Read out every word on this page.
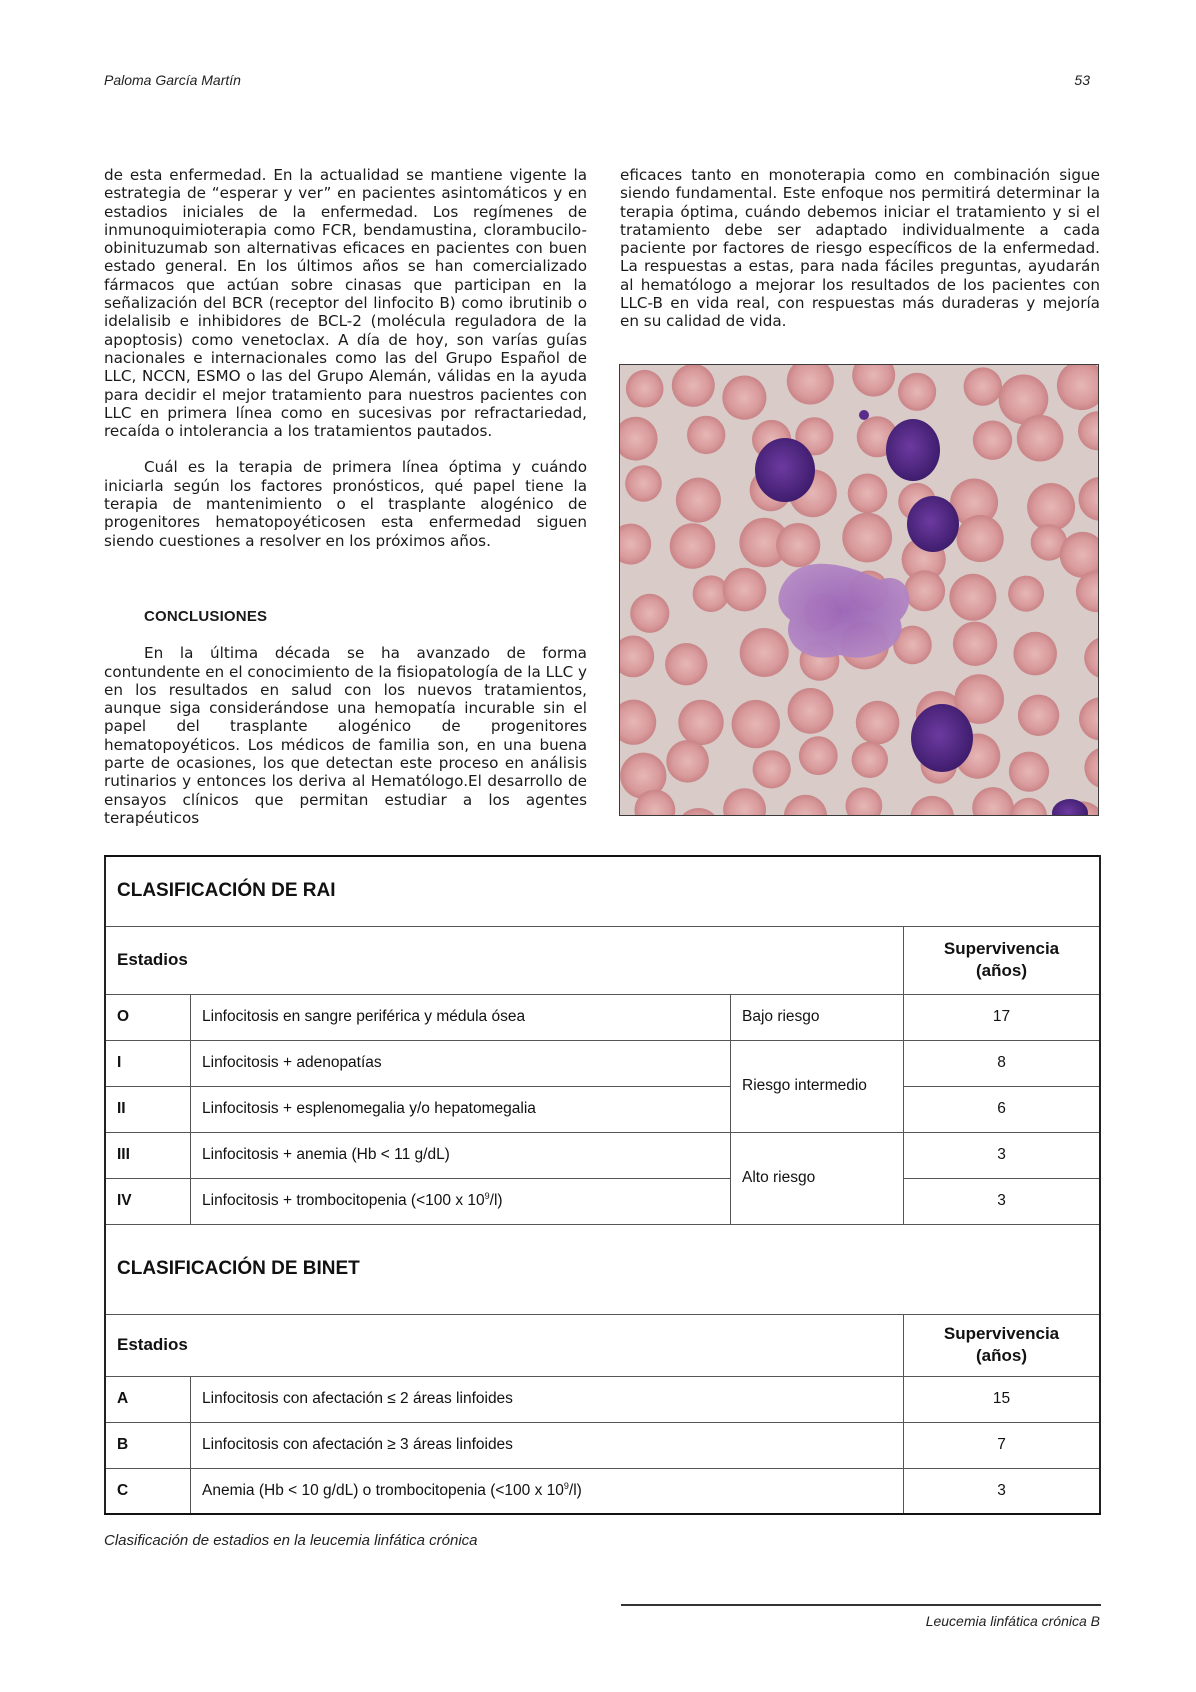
Paloma García Martín	53

de esta enfermedad. En la actualidad se mantiene vigente la estrategia de “esperar y ver” en pacientes asintomáticos y en estadios iniciales de la enfermedad. Los regímenes de inmunoquimioterapia como FCR, bendamustina, clorambucilo-obinituzumab son alternativas eficaces en pacientes con buen estado general. En los últimos años se han comercializado fármacos que actúan sobre cinasas que participan en la señalización del BCR (receptor del linfocito B) como ibrutinib o idelalisib e inhibidores de BCL-2 (molécula reguladora de la apoptosis) como venetoclax. A día de hoy, son varías guías nacionales e internacionales como las del Grupo Español de LLC, NCCN, ESMO o las del Grupo Alemán, válidas en la ayuda para decidir el mejor tratamiento para nuestros pacientes con LLC en primera línea como en sucesivas por refractariedad, recaída o intolerancia a los tratamientos pautados.

Cuál es la terapia de primera línea óptima y cuándo iniciarla según los factores pronósticos, qué papel tiene la terapia de mantenimiento o el trasplante alogénico de progenitores hematopoyéticosen esta enfermedad siguen siendo cuestiones a resolver en los próximos años.

CONCLUSIONES

En la última década se ha avanzado de forma contundente en el conocimiento de la fisiopatología de la LLC y en los resultados en salud con los nuevos tratamientos, aunque siga considerándose una hemopatía incurable sin el papel del trasplante alogénico de progenitores hematopoyéticos. Los médicos de familia son, en una buena parte de ocasiones, los que detectan este proceso en análisis rutinarios y entonces los deriva al Hematólogo.El desarrollo de ensayos clínicos que permitan estudiar a los agentes terapéuticos

eficaces tanto en monoterapia como en combinación sigue siendo fundamental. Este enfoque nos permitirá determinar la terapia óptima, cuándo debemos iniciar el tratamiento y si el tratamiento debe ser adaptado individualmente a cada paciente por factores de riesgo específicos de la enfermedad. La respuestas a estas, para nada fáciles preguntas, ayudarán al hematólogo a mejorar los resultados de los pacientes con LLC-B en vida real, con respuestas más duraderas y mejoría en su calidad de vida.

CLASIFICACIÓN DE RAI			
Estadios			Supervivencia
(años)
O	Linfocitosis en sangre periférica y médula ósea	Bajo riesgo	17
I	Linfocitosis + adenopatías	Riesgo intermedio	8
II	Linfocitosis + esplenomegalia y/o hepatomegalia		6
III	Linfocitosis + anemia (Hb < 11 g/dL)	Alto riesgo	3
IV	Linfocitosis + trombocitopenia (<100 x $10^9/l$)		3
CLASIFICACIÓN DE BINET			
Estadios			Supervivencia
(años)
A	Linfocitosis con afectación ≤ 2 áreas linfoides		15
B	Linfocitosis con afectación ≥ 3 áreas linfoides		7
C	Anemia (Hb < 10 g/dL) o trombocitopenia (<100 x $10^9/l$)		3
Clasificación de estadios en la leucemia linfática crónica
Leucemia linfática crónica B
